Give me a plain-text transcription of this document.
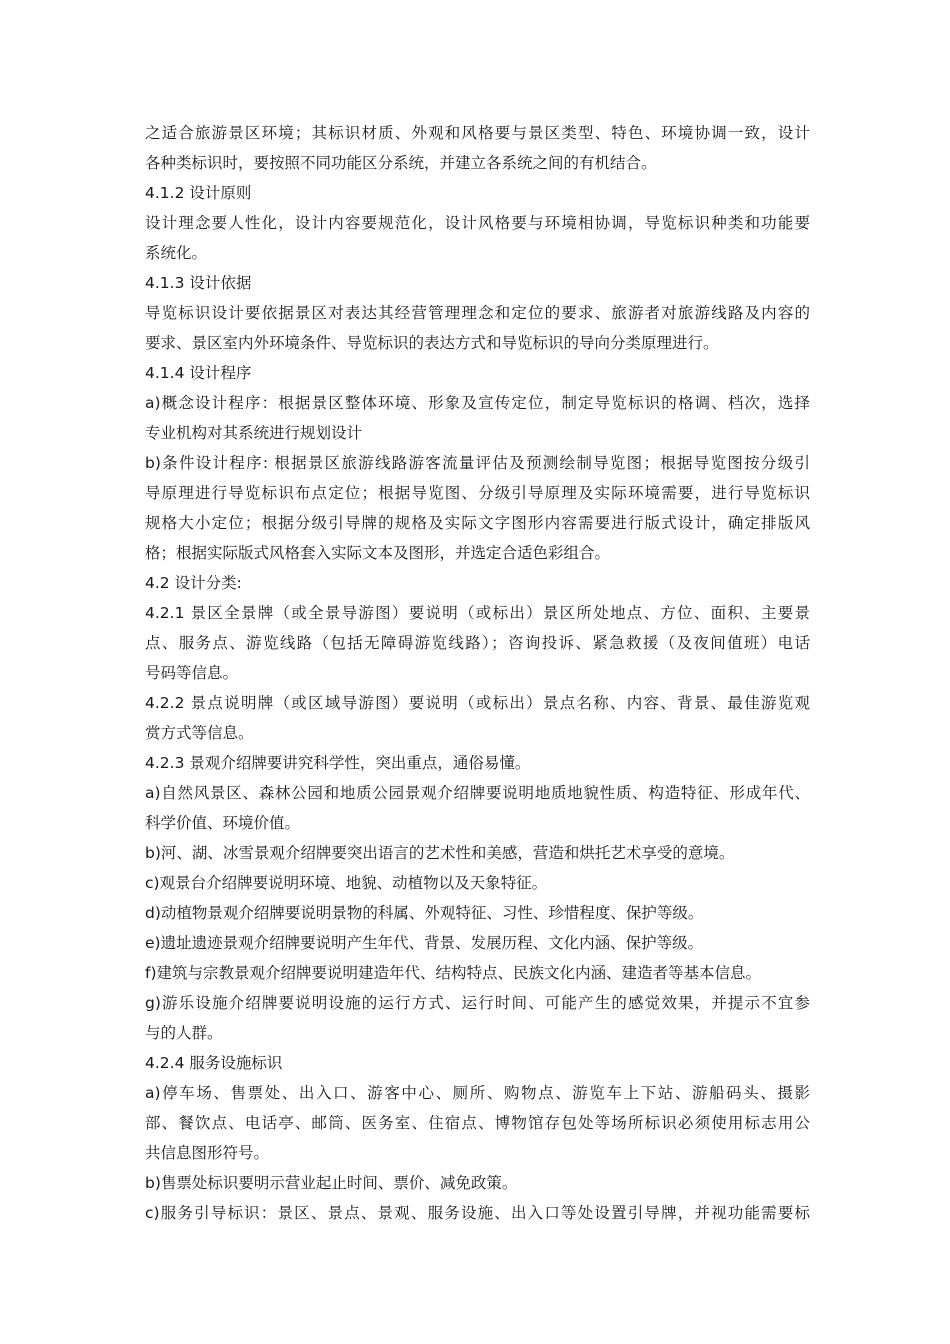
之适合旅游景区环境；其标识材质、外观和风格要与景区类型、特色、环境协调一致，设计
各种类标识时，要按照不同功能区分系统，并建立各系统之间的有机结合。
4.1.2 设计原则
设计理念要人性化，设计内容要规范化，设计风格要与环境相协调，导览标识种类和功能要
系统化。
4.1.3 设计依据
导览标识设计要依据景区对表达其经营管理理念和定位的要求、旅游者对旅游线路及内容的
要求、景区室内外环境条件、导览标识的表达方式和导览标识的导向分类原理进行。
4.1.4 设计程序
a)概念设计程序：根据景区整体环境、形象及宣传定位，制定导览标识的格调、档次，选择
专业机构对其系统进行规划设计
b)条件设计程序: 根据景区旅游线路游客流量评估及预测绘制导览图；根据导览图按分级引
导原理进行导览标识布点定位；根据导览图、分级引导原理及实际环境需要，进行导览标识
规格大小定位；根据分级引导牌的规格及实际文字图形内容需要进行版式设计，确定排版风
格；根据实际版式风格套入实际文本及图形，并选定合适色彩组合。
4.2 设计分类:
4.2.1 景区全景牌（或全景导游图）要说明（或标出）景区所处地点、方位、面积、主要景
点、服务点、游览线路（包括无障碍游览线路）；咨询投诉、紧急救援（及夜间值班）电话
号码等信息。
4.2.2 景点说明牌（或区域导游图）要说明（或标出）景点名称、内容、背景、最佳游览观
赏方式等信息。
4.2.3 景观介绍牌要讲究科学性，突出重点，通俗易懂。
a)自然风景区、森林公园和地质公园景观介绍牌要说明地质地貌性质、构造特征、形成年代、
科学价值、环境价值。
b)河、湖、冰雪景观介绍牌要突出语言的艺术性和美感，营造和烘托艺术享受的意境。
c)观景台介绍牌要说明环境、地貌、动植物以及天象特征。
d)动植物景观介绍牌要说明景物的科属、外观特征、习性、珍惜程度、保护等级。
e)遗址遗迹景观介绍牌要说明产生年代、背景、发展历程、文化内涵、保护等级。
f)建筑与宗教景观介绍牌要说明建造年代、结构特点、民族文化内涵、建造者等基本信息。
g)游乐设施介绍牌要说明设施的运行方式、运行时间、可能产生的感觉效果，并提示不宜参
与的人群。
4.2.4 服务设施标识
a)停车场、售票处、出入口、游客中心、厕所、购物点、游览车上下站、游船码头、摄影
部、餐饮点、电话亭、邮筒、医务室、住宿点、博物馆存包处等场所标识必须使用标志用公
共信息图形符号。
b)售票处标识要明示营业起止时间、票价、减免政策。
c)服务引导标识：景区、景点、景观、服务设施、出入口等处设置引导牌，并视功能需要标
